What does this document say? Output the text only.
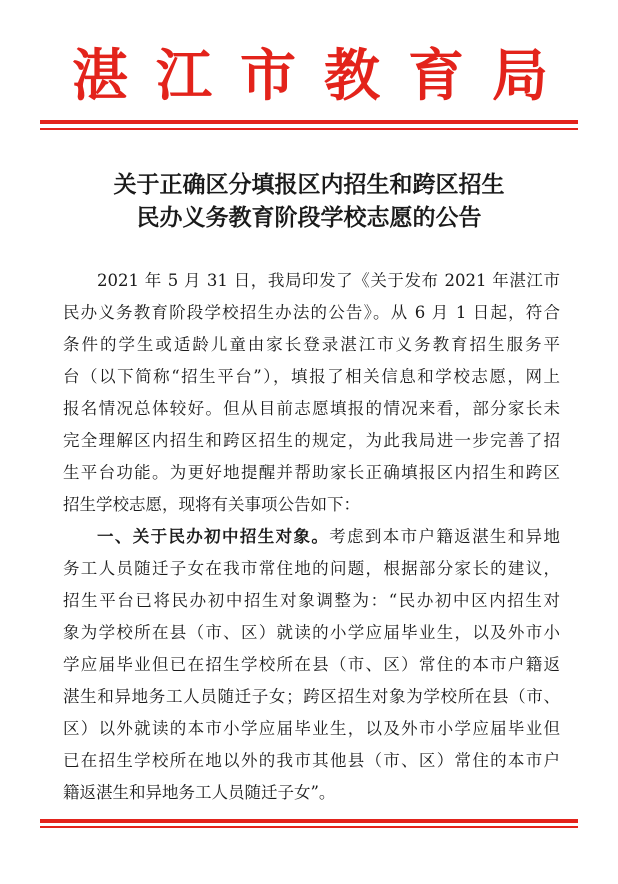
湛 江 市 教 育 局
关于正确区分填报区内招生和跨区招生
民办义务教育阶段学校志愿的公告
2021 年 5 月 31 日，我局印发了《关于发布 2021 年湛江市
民办义务教育阶段学校招生办法的公告》。从 6 月 1 日起，符合
条件的学生或适龄儿童由家长登录湛江市义务教育招生服务平
台（以下简称“招生平台”），填报了相关信息和学校志愿，网上
报名情况总体较好。但从目前志愿填报的情况来看，部分家长未
完全理解区内招生和跨区招生的规定，为此我局进一步完善了招
生平台功能。为更好地提醒并帮助家长正确填报区内招生和跨区
招生学校志愿，现将有关事项公告如下：
一、关于民办初中招生对象。考虑到本市户籍返湛生和异地
务工人员随迁子女在我市常住地的问题，根据部分家长的建议，
招生平台已将民办初中招生对象调整为：“民办初中区内招生对
象为学校所在县（市、区）就读的小学应届毕业生，以及外市小
学应届毕业但已在招生学校所在县（市、区）常住的本市户籍返
湛生和异地务工人员随迁子女；跨区招生对象为学校所在县（市、
区）以外就读的本市小学应届毕业生，以及外市小学应届毕业但
已在招生学校所在地以外的我市其他县（市、区）常住的本市户
籍返湛生和异地务工人员随迁子女”。
